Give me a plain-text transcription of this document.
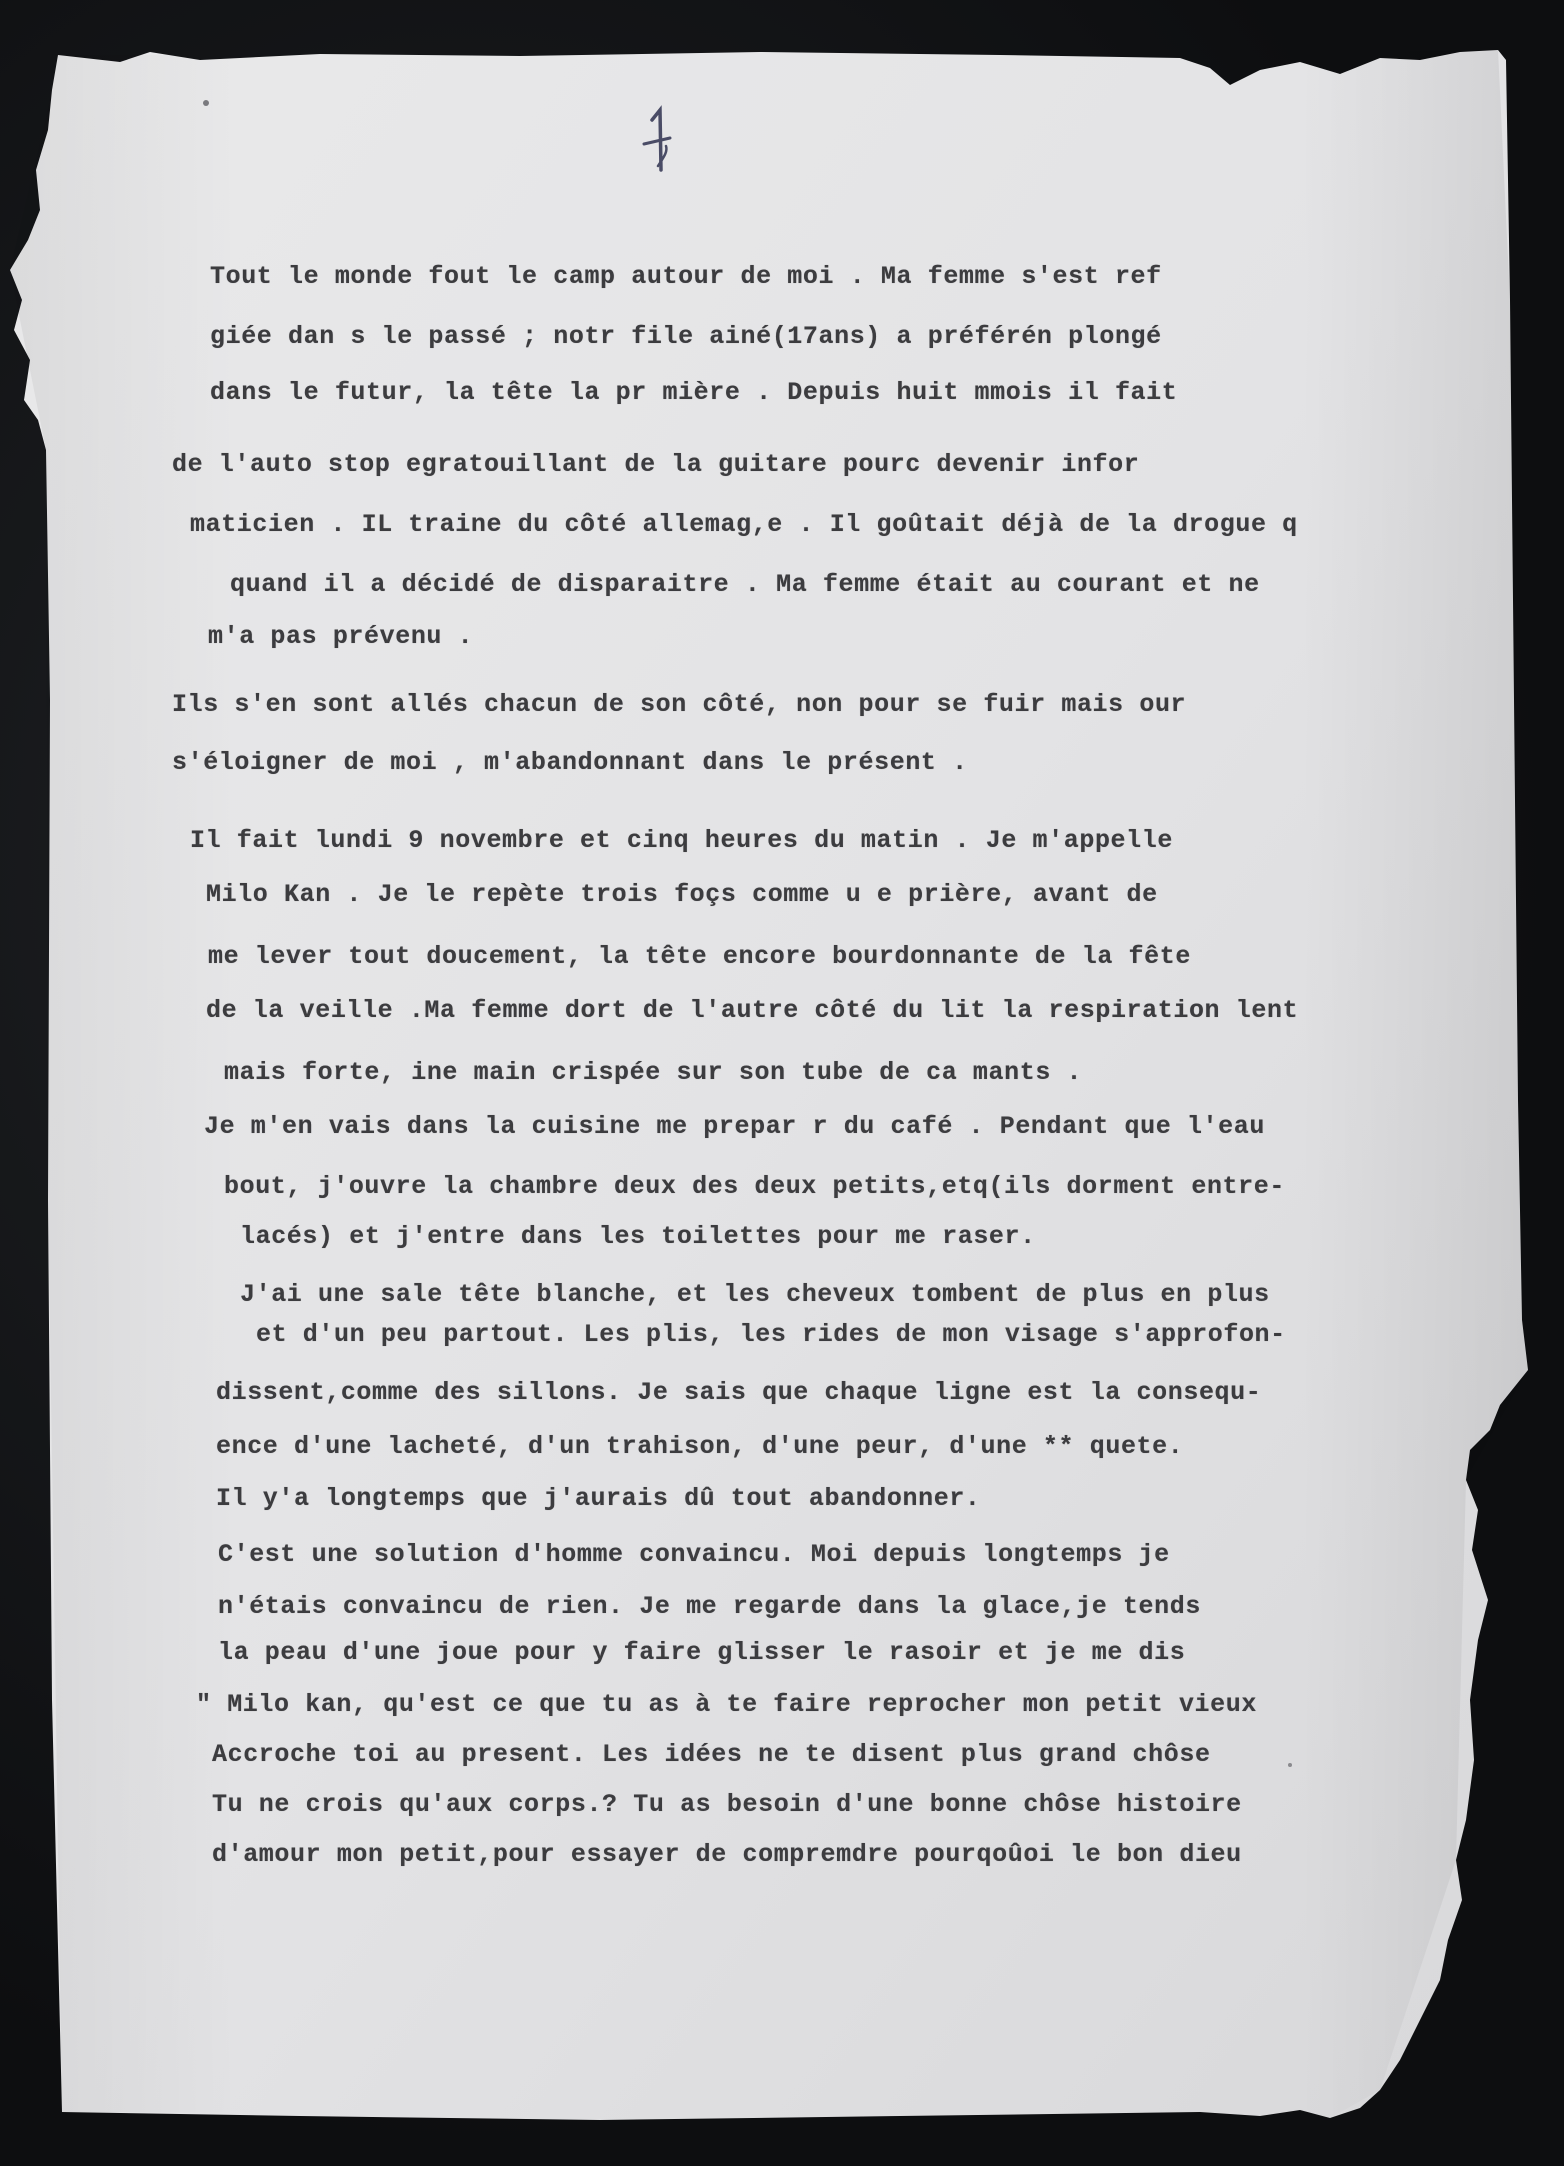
Tout le monde fout le camp autour de moi . Ma femme s'est ref
giée dan s le passé ; notr file ainé(17ans) a préférén plongé
dans le futur, la tête la pr mière . Depuis huit mmois il fait
de l'auto stop egratouillant de la guitare pourc devenir infor
maticien . IL traine du côté allemag,e . Il goûtait déjà de la drogue q
quand il a décidé de disparaitre . Ma femme était au courant et ne
m'a pas prévenu .
Ils s'en sont allés chacun de son côté, non pour se fuir mais our
s'éloigner de moi , m'abandonnant dans le présent .
Il fait lundi 9 novembre et cinq heures du matin . Je m'appelle
Milo Kan . Je le repète trois foçs comme u e prière, avant de
me lever tout doucement, la tête encore bourdonnante de la fête
de la veille .Ma femme dort de l'autre côté du lit la respiration lent
mais forte, ine main crispée sur son tube de ca mants .
Je m'en vais dans la cuisine me prepar r du café . Pendant que l'eau
bout, j'ouvre la chambre deux des deux petits,etq(ils dorment entre-
lacés) et j'entre dans les toilettes pour me raser.
J'ai une sale tête blanche, et les cheveux tombent de plus en plus
et d'un peu partout. Les plis, les rides de mon visage s'approfon-
dissent,comme des sillons. Je sais que chaque ligne est la consequ-
ence d'une lacheté, d'un trahison, d'une peur, d'une ** quete.
Il y'a longtemps que j'aurais dû tout abandonner.
C'est une solution d'homme convaincu. Moi depuis longtemps je
n'étais convaincu de rien. Je me regarde dans la glace,je tends
la peau d'une joue pour y faire glisser le rasoir et je me dis
" Milo kan, qu'est ce que tu as à te faire reprocher mon petit vieux
Accroche toi au present. Les idées ne te disent plus grand chôse
Tu ne crois qu'aux corps.? Tu as besoin d'une bonne chôse histoire
d'amour mon petit,pour essayer de compremdre pourqoûoi le bon dieu
